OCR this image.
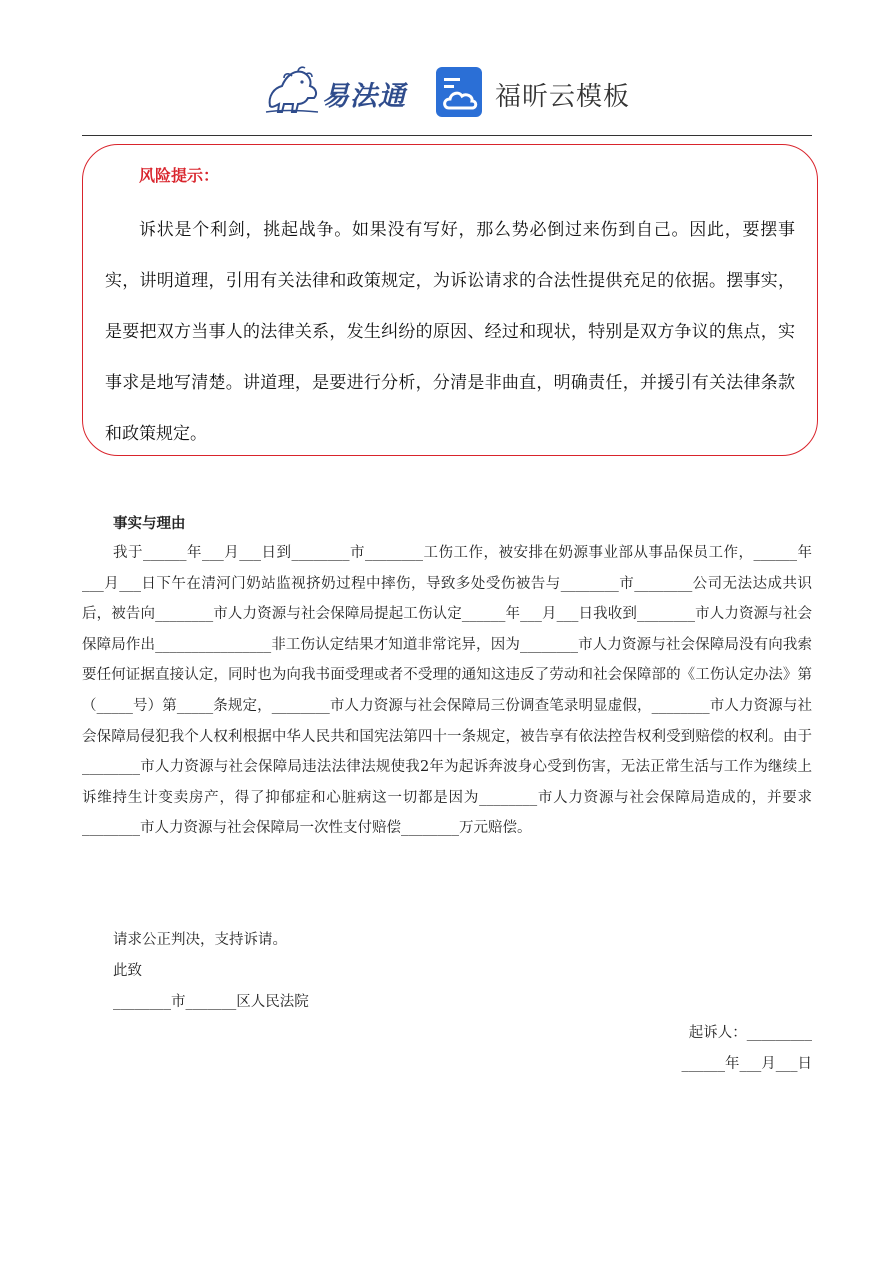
易法通	福昕云模板
风险提示：
诉状是个利剑，挑起战争。如果没有写好，那么势必倒过来伤到自己。因此，要摆事实，讲明道理，引用有关法律和政策规定，为诉讼请求的合法性提供充足的依据。摆事实，是要把双方当事人的法律关系，发生纠纷的原因、经过和现状，特别是双方争议的焦点，实事求是地写清楚。讲道理，是要进行分析，分清是非曲直，明确责任，并援引有关法律条款和政策规定。
事实与理由
我于______年___月___日到________市________工伤工作，被安排在奶源事业部从事品保员工作，______年___月___日下午在清河门奶站监视挤奶过程中摔伤，导致多处受伤被告与________市________公司无法达成共识后，被告向________市人力资源与社会保障局提起工伤认定______年___月___日我收到________市人力资源与社会保障局作出________________非工伤认定结果才知道非常诧异，因为________市人力资源与社会保障局没有向我索要任何证据直接认定，同时也为向我书面受理或者不受理的通知这违反了劳动和社会保障部的《工伤认定办法》第（_____号）第_____条规定，________市人力资源与社会保障局三份调查笔录明显虚假，________市人力资源与社会保障局侵犯我个人权利根据中华人民共和国宪法第四十一条规定，被告享有依法控告权利受到赔偿的权利。由于________市人力资源与社会保障局违法法律法规使我2年为起诉奔波身心受到伤害，无法正常生活与工作为继续上诉维持生计变卖房产，得了抑郁症和心脏病这一切都是因为________市人力资源与社会保障局造成的，并要求________市人力资源与社会保障局一次性支付赔偿________万元赔偿。
请求公正判决，支持诉请。
此致
________市_______区人民法院
起诉人：_________
______年___月___日
